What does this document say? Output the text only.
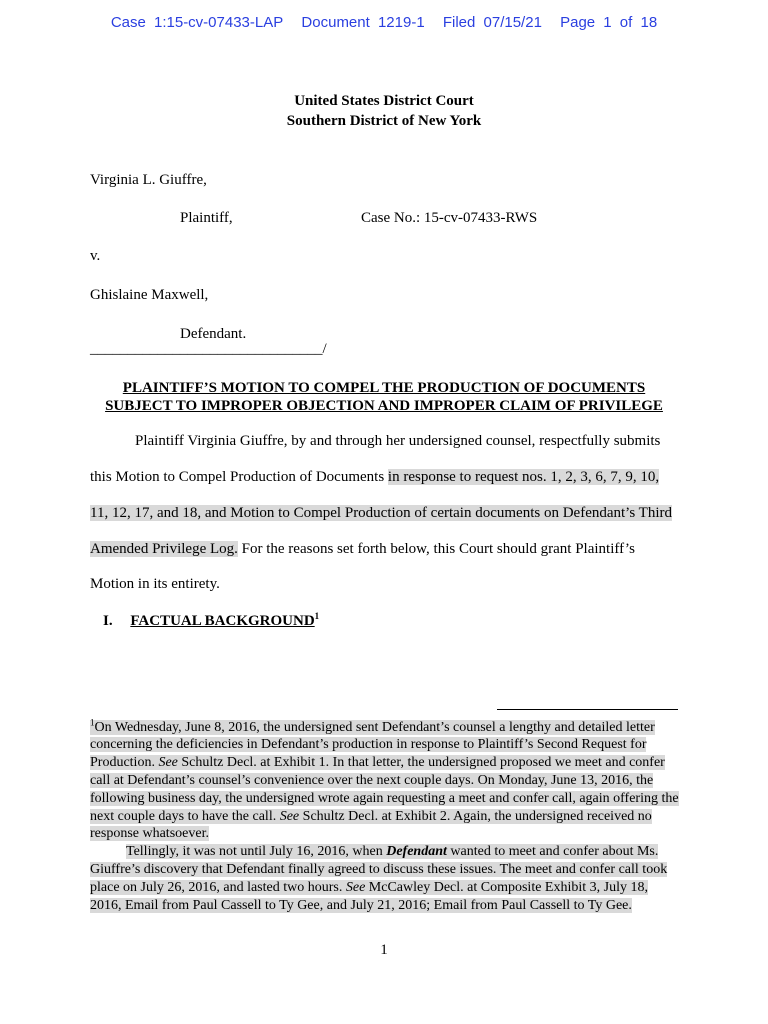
Case 1:15-cv-07433-LAP Document 1219-1 Filed 07/15/21 Page 1 of 18
United States District Court
Southern District of New York
Virginia L. Giuffre,
Plaintiff,	Case No.: 15-cv-07433-RWS
v.
Ghislaine Maxwell,
Defendant.
_______________________________/
PLAINTIFF’S MOTION TO COMPEL THE PRODUCTION OF DOCUMENTS
SUBJECT TO IMPROPER OBJECTION AND IMPROPER CLAIM OF PRIVILEGE
Plaintiff Virginia Giuffre, by and through her undersigned counsel, respectfully submits
this Motion to Compel Production of Documents in response to request nos. 1, 2, 3, 6, 7, 9, 10,
11, 12, 17, and 18, and Motion to Compel Production of certain documents on Defendant’s Third
Amended Privilege Log. For the reasons set forth below, this Court should grant Plaintiff’s
Motion in its entirety.
I. FACTUAL BACKGROUND$^1$

$^1$On Wednesday, June 8, 2016, the undersigned sent Defendant’s counsel a lengthy and detailed letter concerning the deficiencies in Defendant’s production in response to Plaintiff’s Second Request for Production. See Schultz Decl. at Exhibit 1. In that letter, the undersigned proposed we meet and confer call at Defendant’s counsel’s convenience over the next couple days. On Monday, June 13, 2016, the following business day, the undersigned wrote again requesting a meet and confer call, again offering the next couple days to have the call. See Schultz Decl. at Exhibit 2. Again, the undersigned received no response whatsoever.

Tellingly, it was not until July 16, 2016, when Defendant wanted to meet and confer about Ms. Giuffre’s discovery that Defendant finally agreed to discuss these issues. The meet and confer call took place on July 26, 2016, and lasted two hours. See McCawley Decl. at Composite Exhibit 3, July 18, 2016, Email from Paul Cassell to Ty Gee, and July 21, 2016; Email from Paul Cassell to Ty Gee.

1
